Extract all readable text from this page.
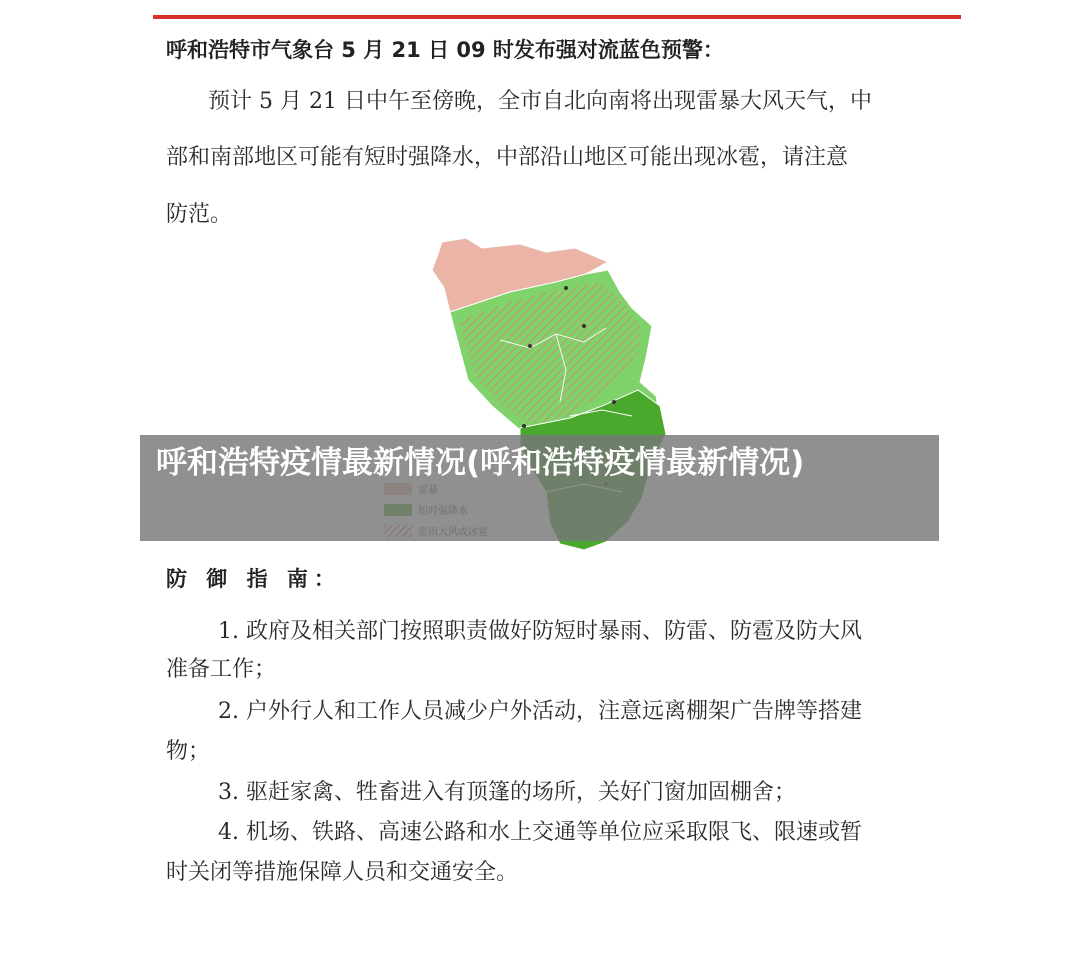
呼和浩特市气象台 5 月 21 日 09 时发布强对流蓝色预警：
预计 5 月 21 日中午至傍晚，全市自北向南将出现雷暴大风天气，中
部和南部地区可能有短时强降水，中部沿山地区可能出现冰雹，请注意
防范。
呼和浩特疫情最新情况(呼和浩特疫情最新情况)
防 御 指 南：
1. 政府及相关部门按照职责做好防短时暴雨、防雷、防雹及防大风
准备工作；
2. 户外行人和工作人员减少户外活动，注意远离棚架广告牌等搭建
物；
3. 驱赶家禽、牲畜进入有顶篷的场所，关好门窗加固棚舍；
4. 机场、铁路、高速公路和水上交通等单位应采取限飞、限速或暂
时关闭等措施保障人员和交通安全。
